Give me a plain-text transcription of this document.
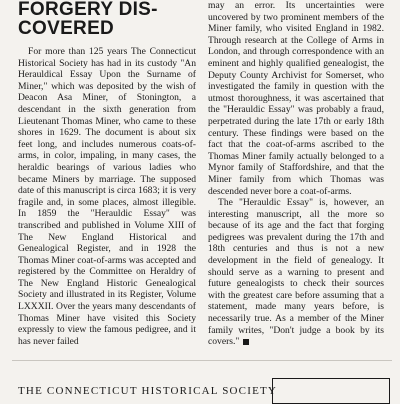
FORGERY DIS-
COVERED

For more than 125 years The Connecticut Historical Society has had in its custody "An Herauldical Essay Upon the Surname of Miner," which was deposited by the wish of Deacon Asa Miner, of Stonington, a descendant in the sixth generation from Lieutenant Thomas Miner, who came to these shores in 1629. The document is about six feet long, and includes numerous coats-of-arms, in color, impaling, in many cases, the heraldic bearings of various ladies who became Miners by marriage. The supposed date of this manuscript is circa 1683; it is very fragile and, in some places, almost illegible. In 1859 the "Herauldic Essay" was transcribed and published in Volume XIII of The New England Historical and Genealogical Register, and in 1928 the Thomas Miner coat-of-arms was accepted and registered by the Committee on Heraldry of The New England Historic Genealogical Society and illustrated in its Register, Volume LXXXII. Over the years many descendants of Thomas Miner have visited this Society expressly to view the famous pedigree, and it has never failed

may an error. Its uncertainties were uncovered by two prominent members of the Miner family, who visited England in 1982. Through research at the College of Arms in London, and through correspondence with an eminent and highly qualified genealogist, the Deputy County Archivist for Somerset, who investigated the family in question with the utmost thoroughness, it was ascertained that the "Herauldic Essay" was probably a fraud, perpetrated during the late 17th or early 18th century. These findings were based on the fact that the coat-of-arms ascribed to the Thomas Miner family actually belonged to a Mynor family of Staffordshire, and that the Miner family from which Thomas was descended never bore a coat-of-arms.

The "Herauldic Essay" is, however, an interesting manuscript, all the more so because of its age and the fact that forging pedigrees was prevalent during the 17th and 18th centuries and thus is not a new development in the field of genealogy. It should serve as a warning to present and future genealogists to check their sources with the greatest care before assuming that a statement, made many years before, is necessarily true. As a member of the Miner family writes, "Don't judge a book by its covers."

THE CONNECTICUT HISTORICAL SOCIETY
